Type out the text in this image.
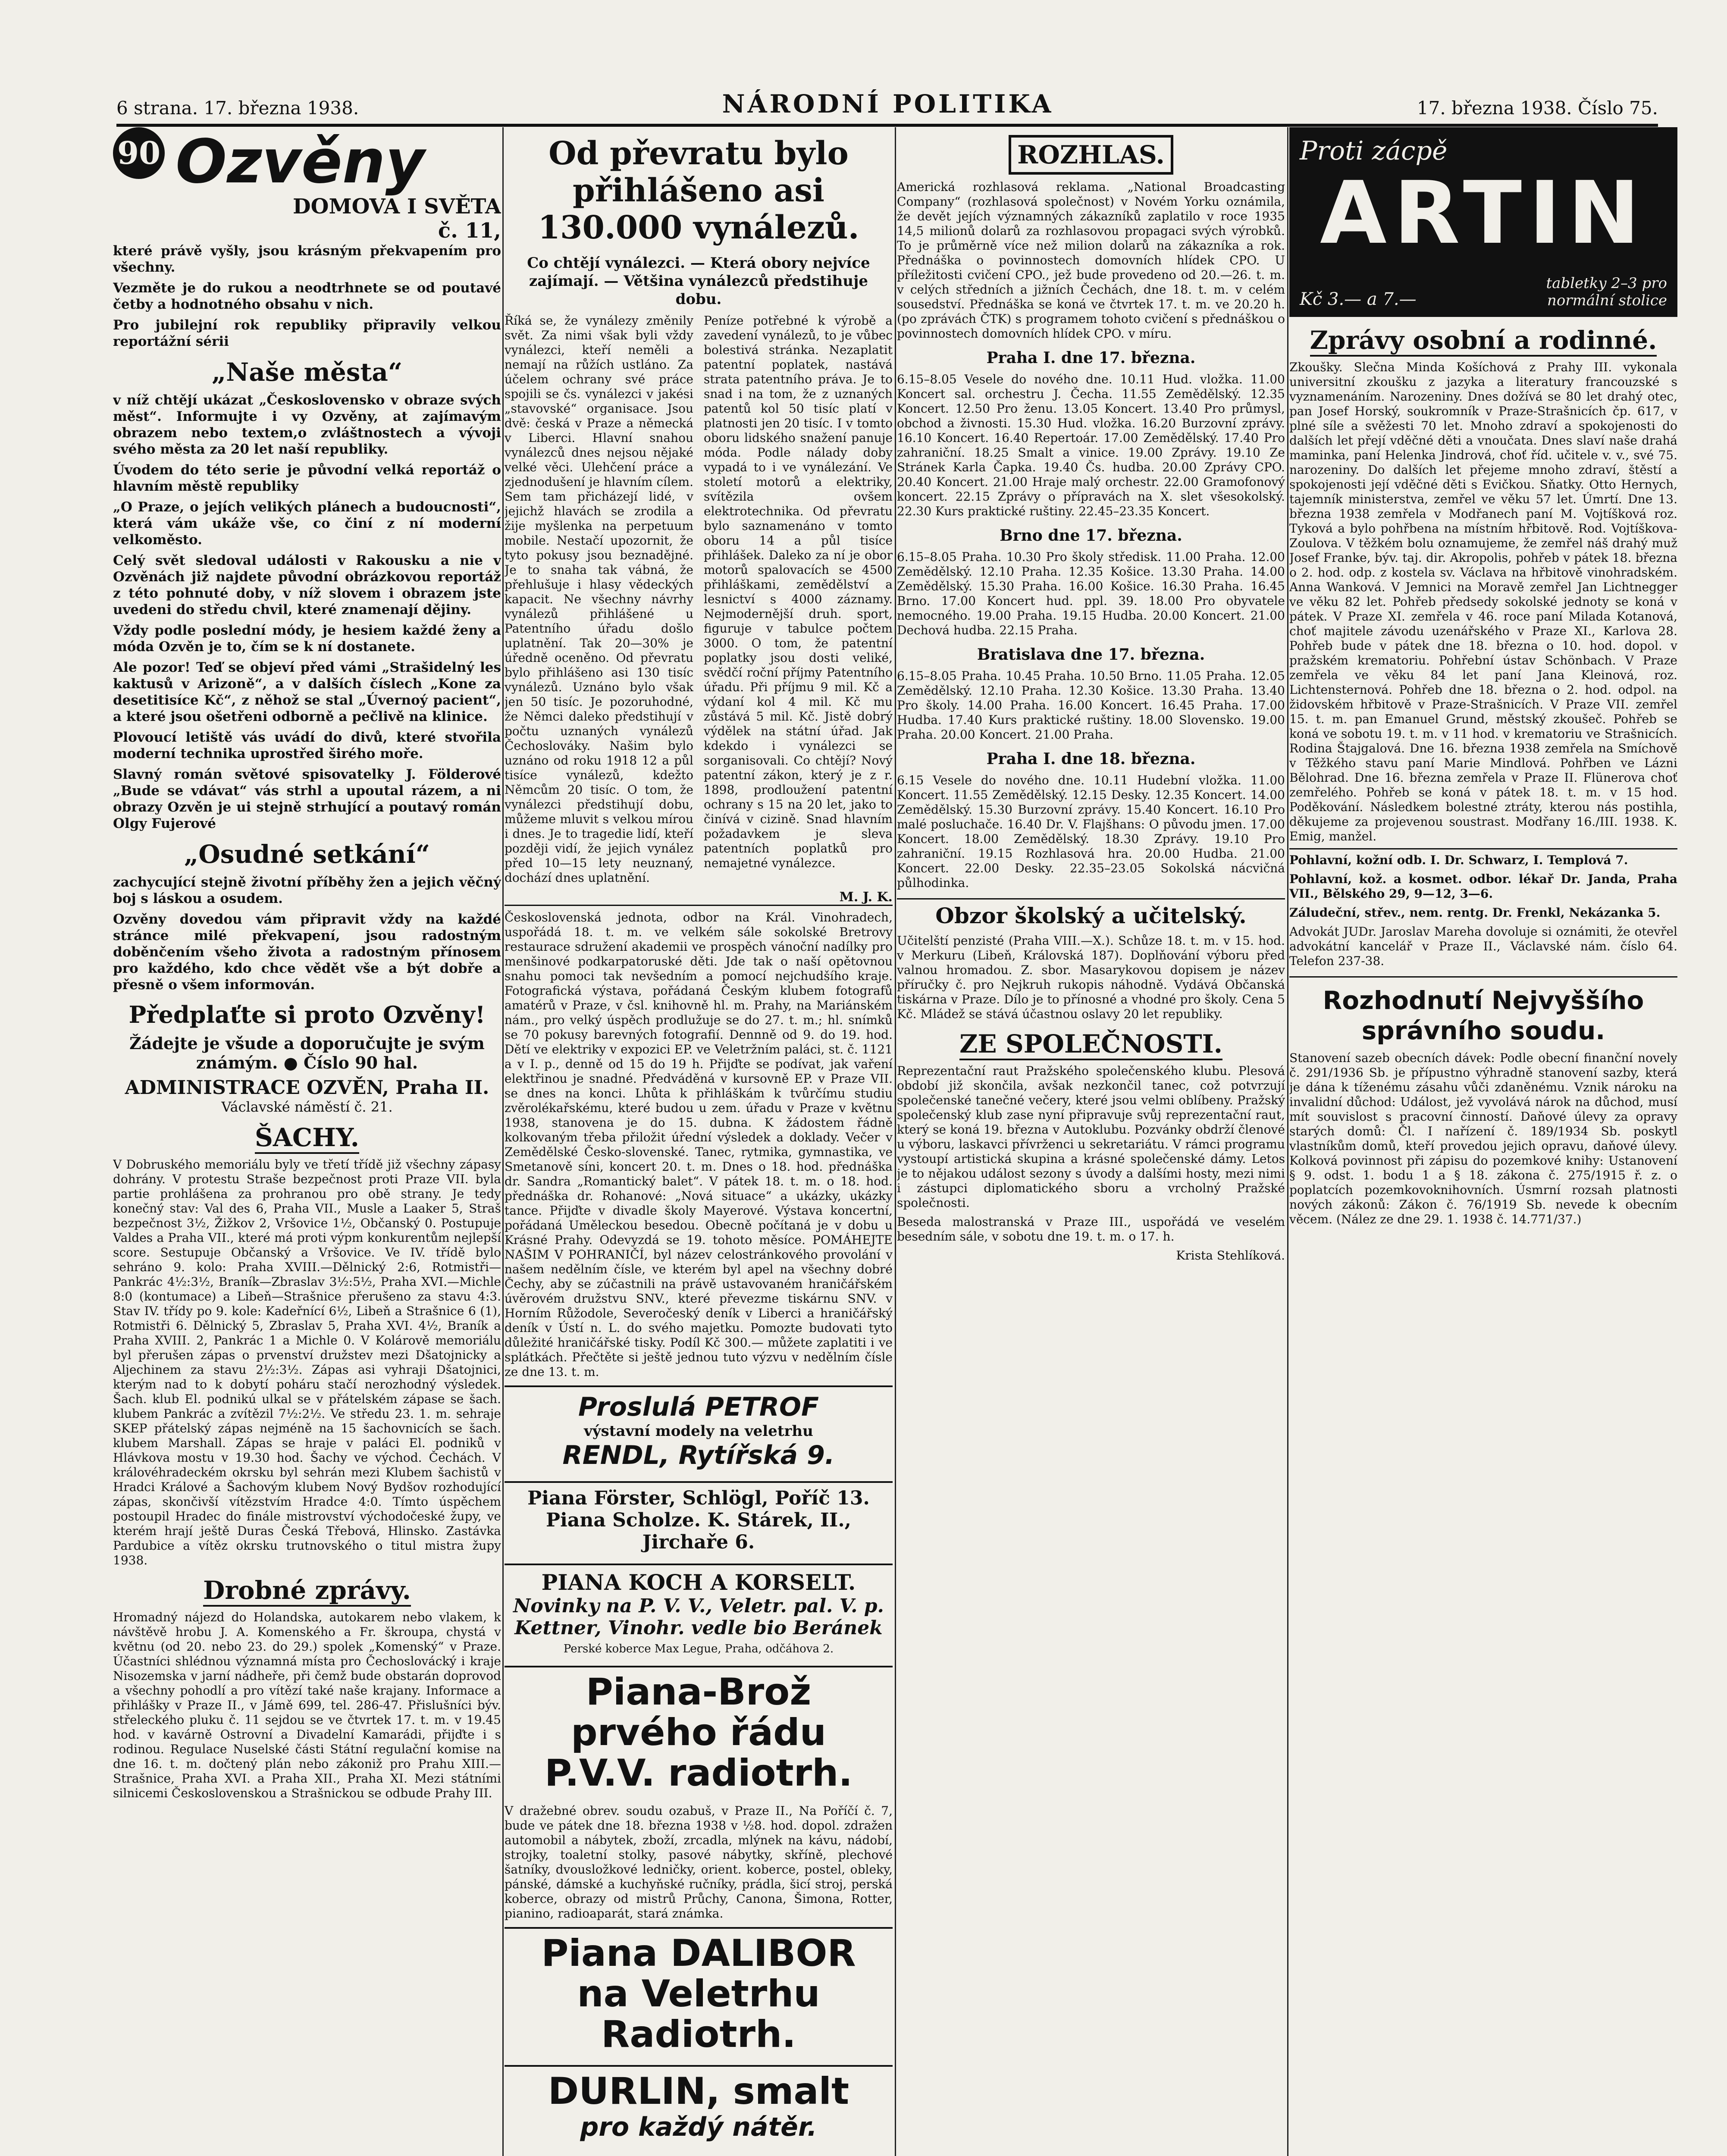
6 strana. 17. března 1938.	NÁRODNÍ POLITIKA	17. března 1938. Číslo 75.
90 Ozvěny
DOMOVA I SVĚTA
č. 11,

které právě vyšly, jsou krásným překvapením pro všechny.

Vezměte je do rukou a neodtrhnete se od poutavé četby a hodnotného obsahu v nich.

Pro jubilejní rok republiky připravily velkou reportážní sérii

„Naše města“

v níž chtějí ukázat „Československo v obraze svých měst“. Informujte i vy Ozvěny, at zajímavým obrazem nebo textem,o zvláštnostech a vývoji svého města za 20 let naší republiky.

Úvodem do této serie je původní velká reportáž o hlavním městě republiky

„O Praze, o jejích velikých plánech a budoucnosti“, která vám ukáže vše, co činí z ní moderní velkoměsto.

Celý svět sledoval události v Rakousku a nie v Ozvěnách již najdete původní obrázkovou reportáž z této pohnuté doby, v níž slovem i obrazem jste uvedeni do středu chvil, které znamenají dějiny.

Vždy podle poslední módy, je hesiem každé ženy a móda Ozvěn je to, čím se k ní dostanete.

Ale pozor! Teď se objeví před vámi „Strašidelný les kaktusů v Arizoně“, a v dalších číslech „Kone za desetitisíce Kč“, z něhož se stal „Úvernoý pacient“, a které jsou ošetřeni odborně a pečlivě na klinice.

Plovoucí letiště vás uvádí do divů, které stvořila moderní technika uprostřed širého moře.

Slavný román světové spisovatelky J. Földerové „Bude se vdávat“ vás strhl a upoutal rázem, a ni obrazy Ozvěn je ui stejně strhující a poutavý román Olgy Fujerové

„Osudné setkání“

zachycující stejně životní příběhy žen a jejich věčný boj s láskou a osudem.

Ozvěny dovedou vám připravit vždy na každé stránce milé překvapení, jsou radostným doběnčením všeho života a radostným přínosem pro každého, kdo chce vědět vše a být dobře a přesně o všem informován.

Předplaťte si proto Ozvěny!
Žádejte je všude a doporučujte je svým známým. ● Číslo 90 hal.
ADMINISTRACE OZVĚN, Praha II.
Václavské náměstí č. 21.
ŠACHY.

V Dobruského memoriálu byly ve třetí třídě již všechny zápasy dohrány. V protestu Straše bezpečnost proti Praze VII. byla partie prohlášena za prohranou pro obě strany. Je tedy konečný stav: Val des 6, Praha VII., Musle a Laaker 5, Straš bezpečnost 3½, Žižkov 2, Vršovice 1½, Občanský 0. Postupuje Valdes a Praha VII., které má proti výpm konkurentům nejlepší score. Sestupuje Občanský a Vršovice. Ve IV. třídě bylo sehráno 9. kolo: Praha XVIII.—Dělnický 2:6, Rotmistři—Pankrác 4½:3½, Braník—Zbraslav 3½:5½, Praha XVI.—Michle 8:0 (kontumace) a Libeň—Strašnice přerušeno za stavu 4:3. Stav IV. třídy po 9. kole: Kadeřnící 6½, Libeň a Strašnice 6 (1), Rotmistři 6. Dělnický 5, Zbraslav 5, Praha XVI. 4½, Braník a Praha XVIII. 2, Pankrác 1 a Michle 0. V Kolárově memoriálu byl přerušen zápas o prvenství družstev mezi Dšatojnicky a Aljechinem za stavu 2½:3½. Zápas asi vyhraji Dšatojnici, kterým nad to k dobytí poháru stačí nerozhodný výsledek. Šach. klub El. podnikú ulkal se v přátelském zápase se šach. klubem Pankrác a zvítězil 7½:2½. Ve středu 23. 1. m. sehraje SKEP přátelský zápas nejméně na 15 šachovnicích se šach. klubem Marshall. Zápas se hraje v paláci El. podniků v Hlávkova mostu v 19.30 hod. Šachy ve východ. Čechách. V královéhradeckém okrsku byl sehrán mezi Klubem šachistů v Hradci Králové a Šachovým klubem Nový Bydšov rozhodující zápas, skončivší vítězstvím Hradce 4:0. Tímto úspěchem postoupil Hradec do finále mistrovství východočeské župy, ve kterém hrají ještě Duras Česká Třebová, Hlinsko. Zastávka Pardubice a vítěz okrsku trutnovského o titul mistra župy 1938.

Drobné zprávy.

Hromadný nájezd do Holandska, autokarem nebo vlakem, k návštěvě hrobu J. A. Komenského a Fr. škroupa, chystá v květnu (od 20. nebo 23. do 29.) spolek „Komenský“ v Praze. Účastníci shlédnou významná místa pro Čechoslovácký i kraje Nisozemska v jarní nádheře, při čemž bude obstarán doprovod a všechny pohodlí a pro vítězí také naše krajany. Informace a přihlášky v Praze II., v Jámě 699, tel. 286-47. Přislušníci býv. střeleckého pluku č. 11 sejdou se ve čtvrtek 17. t. m. v 19.45 hod. v kavárně Ostrovní a Divadelní Kamarádi, přijďte i s rodinou. Regulace Nuselské části Státní regulační komise na dne 16. t. m. dočtený plán nebo zákoniž pro Prahu XIII.—Strašnice, Praha XVI. a Praha XII., Praha XI. Mezi státními silnicemi Československou a Strašnickou se odbude Prahy III.

Od převratu bylo přihlášeno asi 130.000 vynálezů.
Co chtějí vynálezci. — Která obory nejvíce zajímají. — Většina vynálezců předstihuje dobu.

Říká se, že vynálezy změnily svět. Za nimi však byli vždy vynálezci, kteří neměli a nemají na růžích ustláno. Za účelem ochrany své práce spojili se čs. vynálezci v jakési „stavovské“ organisace. Jsou dvě: česká v Praze a německá v Liberci. Hlavní snahou vynálezců dnes nejsou nějaké velké věci. Ulehčení práce a zjednodušení je hlavním cílem. Sem tam přicházejí lidé, v jejichž hlavách se zrodila a žije myšlenka na perpetuum mobile. Nestačí upozornit, že tyto pokusy jsou beznadějné. Je to snaha tak vábná, že přehlušuje i hlasy vědeckých kapacit. Ne všechny návrhy vynálezů přihlášené u Patentního úřadu došlo uplatnění. Tak 20—30% je úředně oceněno. Od převratu bylo přihlášeno asi 130 tisíc vynálezů. Uznáno bylo však jen 50 tisíc. Je pozoruhodné, že Němci daleko předstihují v počtu uznaných vynálezů Čechoslováky. Našim bylo uznáno od roku 1918 12 a půl tisíce vynálezů, kdežto Němcům 20 tisíc. O tom, že vynálezci předstihují dobu, můžeme mluvit s velkou mírou i dnes. Je to tragedie lidí, kteří později vidí, že jejich vynález před 10—15 lety neuznaný, dochází dnes uplatnění.

Peníze potřebné k výrobě a zavedení vynálezů, to je vůbec bolestivá stránka. Nezaplatit patentní poplatek, nastává strata patentního práva. Je to snad i na tom, že z uznaných patentů kol 50 tisíc platí v platnosti jen 20 tisíc. I v tomto oboru lidského snažení panuje móda. Podle nálady doby vypadá to i ve vynálezání. Ve století motorů a elektriky, svítězila ovšem elektrotechnika. Od převratu bylo saznamenáno v tomto oboru 14 a půl tisíce přihlášek. Daleko za ní je obor motorů spalovacích se 4500 přihláškami, zemědělství a lesnictví s 4000 záznamy. Nejmodernější druh. sport, figuruje v tabulce počtem 3000. O tom, že patentní poplatky jsou dosti veliké, svědčí roční příjmy Patentního úřadu. Při příjmu 9 mil. Kč a výdaní kol 4 mil. Kč mu zůstává 5 mil. Kč. Jistě dobrý výdělek na státní úřad. Jak kdekdo i vynálezci se sorganisovali. Co chtějí? Nový patentní zákon, který je z r. 1898, prodloužení patentní ochrany s 15 na 20 let, jako to činívá v cizině. Snad hlavním požadavkem je sleva patentních poplatků pro nemajetné vynálezce.

M. J. K.

Československá jednota, odbor na Král. Vinohradech, uspořádá 18. t. m. ve velkém sále sokolské Bretrovy restaurace sdružení akademii ve prospěch vánoční nadílky pro menšinové podkarpatoruské děti. Jde tak o naší opětovnou snahu pomoci tak nevšedním a pomocí nejchudšího kraje. Fotografická výstava, pořádaná Českým klubem fotografů amatérů v Praze, v čsl. knihovně hl. m. Prahy, na Mariánském nám., pro velký úspěch prodlužuje se do 27. t. m.; hl. snímků se 70 pokusy barevných fotografií. Dennně od 9. do 19. hod. Dětí ve elektriky v expozici EP. ve Veletržním paláci, st. č. 1121 a v I. p., denně od 15 do 19 h. Přijďte se podívat, jak vaření elektřinou je snadné. Předváděná v kursovně EP. v Praze VII. se dnes na konci. Lhůta k přihláškám k tvůrčímu studiu zvěrolékařskému, které budou u zem. úřadu v Praze v květnu 1938, stanovena je do 15. dubna. K žádostem řádně kolkovaným třeba přiložit úřední výsledek a doklady. Večer v Zemědělské Česko-slovenské. Tanec, rytmika, gymnastika, ve Smetanově síni, koncert 20. t. m. Dnes o 18. hod. přednáška dr. Sandra „Romantický balet“. V pátek 18. t. m. o 18. hod. přednáška dr. Rohanové: „Nová situace“ a ukázky, ukázky tance. Přijďte v divadle školy Mayerové. Výstava koncertní, pořádaná Uměleckou besedou. Obecně počítaná je v dobu u Krásné Prahy. Odevyzdá se 19. tohoto měsíce. POMÁHEJTE NAŠIM V POHRANIČÍ, byl název celostránkového provolání v našem nedělním čísle, ve kterém byl apel na všechny dobré Čechy, aby se zúčastnili na právě ustavovaném hraničářském úvěrovém družstvu SNV., které převezme tiskárnu SNV. v Horním Růžodole, Severočeský deník v Liberci a hraničářský deník v Ústí n. L. do svého majetku. Pomozte budovati tyto důležité hraničářské tisky. Podíl Kč 300.— můžete zaplatiti i ve splátkách. Přečtěte si ještě jednou tuto výzvu v nedělním čísle ze dne 13. t. m.

Proslulá PETROF
výstavní modely na veletrhu
RENDL, Rytířská 9.
Piana Förster, Schlögl, Poříč 13.
Piana Scholze. K. Stárek, II., Jirchaře 6.
PIANA KOCH A KORSELT.
Novinky na P. V. V., Veletr. pal. V. p.
Kettner, Vinohr. vedle bio Beránek
Perské koberce Max Legue, Praha, odčáhova 2.
Piana-Brož
prvého řádu
P.V.V. radiotrh.

V dražebné obrev. soudu ozabuš, v Praze II., Na Poříčí č. 7, bude ve pátek dne 18. března 1938 v ½8. hod. dopol. zdražen automobil a nábytek, zboží, zrcadla, mlýnek na kávu, nádobí, strojky, toaletní stolky, pasové nábytky, skříně, plechové šatníky, dvousložkové ledničky, orient. koberce, postel, obleky, pánské, dámské a kuchyňské ručníky, prádla, šicí stroj, perská koberce, obrazy od mistrů Průchy, Canona, Šimona, Rotter, pianino, radioaparát, stará známka.

Piana DALIBOR
na Veletrhu Radiotrh.
DURLIN, smalt
pro každý nátěr.
ROZHLAS.

Americká rozhlasová reklama. „National Broadcasting Company“ (rozhlasová společnost) v Novém Yorku oznámila, že devět jejích významných zákazníků zaplatilo v roce 1935 14,5 milionů dolarů za rozhlasovou propagaci svých výrobků. To je průměrně více než milion dolarů na zákazníka a rok. Přednáška o povinnostech domovních hlídek CPO. U příležitosti cvičení CPO., jež bude provedeno od 20.—26. t. m. v celých středních a jižních Čechách, dne 18. t. m. v celém sousedství. Přednáška se koná ve čtvrtek 17. t. m. ve 20.20 h. (po zprávách ČTK) s programem tohoto cvičení s přednáškou o povinnostech domovních hlídek CPO. v míru.

Praha I. dne 17. března.

6.15–8.05 Vesele do nového dne. 10.11 Hud. vložka. 11.00 Koncert sal. orchestru J. Čecha. 11.55 Zemědělský. 12.35 Koncert. 12.50 Pro ženu. 13.05 Koncert. 13.40 Pro průmysl, obchod a živnosti. 15.30 Hud. vložka. 16.20 Burzovní zprávy. 16.10 Koncert. 16.40 Repertoár. 17.00 Zemědělský. 17.40 Pro zahraniční. 18.25 Smalt a vinice. 19.00 Zprávy. 19.10 Ze Stránek Karla Čapka. 19.40 Čs. hudba. 20.00 Zprávy CPO. 20.40 Koncert. 21.00 Hraje malý orchestr. 22.00 Gramofonový koncert. 22.15 Zprávy o přípravách na X. slet všesokolský. 22.30 Kurs praktické ruštiny. 22.45–23.35 Koncert.

Brno dne 17. března.

6.15–8.05 Praha. 10.30 Pro školy středisk. 11.00 Praha. 12.00 Zemědělský. 12.10 Praha. 12.35 Košice. 13.30 Praha. 14.00 Zemědělský. 15.30 Praha. 16.00 Košice. 16.30 Praha. 16.45 Brno. 17.00 Koncert hud. ppl. 39. 18.00 Pro obyvatele nemocného. 19.00 Praha. 19.15 Hudba. 20.00 Koncert. 21.00 Dechová hudba. 22.15 Praha.

Bratislava dne 17. března.

6.15–8.05 Praha. 10.45 Praha. 10.50 Brno. 11.05 Praha. 12.05 Zemědělský. 12.10 Praha. 12.30 Košice. 13.30 Praha. 13.40 Pro školy. 14.00 Praha. 16.00 Koncert. 16.45 Praha. 17.00 Hudba. 17.40 Kurs praktické ruštiny. 18.00 Slovensko. 19.00 Praha. 20.00 Koncert. 21.00 Praha.

Praha I. dne 18. března.

6.15 Vesele do nového dne. 10.11 Hudební vložka. 11.00 Koncert. 11.55 Zemědělský. 12.15 Desky. 12.35 Koncert. 14.00 Zemědělský. 15.30 Burzovní zprávy. 15.40 Koncert. 16.10 Pro malé posluchače. 16.40 Dr. V. Flajšhans: O původu jmen. 17.00 Koncert. 18.00 Zemědělský. 18.30 Zprávy. 19.10 Pro zahraniční. 19.15 Rozhlasová hra. 20.00 Hudba. 21.00 Koncert. 22.00 Desky. 22.35–23.05 Sokolská nácvičná půlhodinka.

Obzor školský a učitelský.

Učitelští penzisté (Praha VIII.—X.). Schůze 18. t. m. v 15. hod. v Merkuru (Libeň, Královská 187). Doplňování výboru před valnou hromadou. Z. sbor. Masarykovou dopisem je název příručky č. pro Nejkruh rukopis náhodně. Vydává Občanská tiskárna v Praze. Dílo je to přínosné a vhodné pro školy. Cena 5 Kč. Mládež se stává účastnou oslavy 20 let republiky.

ZE SPOLEČNOSTI.

Reprezentační raut Pražského společenského klubu. Plesová období již skončila, avšak nezkončil tanec, což potvrzují společenské tanečné večery, které jsou velmi oblíbeny. Pražský společenský klub zase nyní připravuje svůj reprezentační raut, který se koná 19. března v Autoklubu. Pozvánky obdrží členové u výboru, laskavci přívrženci u sekretariátu. V rámci programu vystoupí artistická skupina a krásné společenské dámy. Letos je to nějakou událost sezony s úvody a dalšími hosty, mezi nimi i zástupci diplomatického sboru a vrcholný Pražské společnosti.

Beseda malostranská v Praze III., uspořádá ve veselém besedním sále, v sobotu dne 19. t. m. o 17. h.

Krista Stehlíková.
Proti zácpě
ARTIN
Kč 3.— a 7.—
tabletky 2–3 pro normální stolice
Zprávy osobní a rodinné.

Zkoušky. Slečna Minda Košíchová z Prahy III. vykonala universitní zkoušku z jazyka a literatury francouzské s vyznamenáním. Narozeniny. Dnes dožívá se 80 let drahý otec, pan Josef Horský, soukromník v Praze-Strašnicích čp. 617, v plné síle a svěžesti 70 let. Mnoho zdraví a spokojenosti do dalších let přejí vděčné děti a vnoučata. Dnes slaví naše drahá maminka, paní Helenka Jindrová, choť říd. učitele v. v., své 75. narozeniny. Do dalších let přejeme mnoho zdraví, štěstí a spokojenosti její vděčné děti s Evičkou. Sňatky. Otto Hernych, tajemník ministerstva, zemřel ve věku 57 let. Úmrtí. Dne 13. března 1938 zemřela v Modřanech paní M. Vojtíšková roz. Tyková a bylo pohřbena na místním hřbitově. Rod. Vojtíškova-Zoulova. V těžkém bolu oznamujeme, že zemřel náš drahý muž Josef Franke, býv. taj. dir. Akropolis, pohřeb v pátek 18. března o 2. hod. odp. z kostela sv. Václava na hřbitově vinohradském. Anna Wanková. V Jemnici na Moravě zemřel Jan Lichtnegger ve věku 82 let. Pohřeb předsedy sokolské jednoty se koná v pátek. V Praze XI. zemřela v 46. roce paní Milada Kotanová, choť majitele závodu uzenářského v Praze XI., Karlova 28. Pohřeb bude v pátek dne 18. března o 10. hod. dopol. v pražském krematoriu. Pohřební ústav Schönbach. V Praze zemřela ve věku 84 let paní Jana Kleinová, roz. Lichtensternová. Pohřeb dne 18. března o 2. hod. odpol. na židovském hřbitově v Praze-Strašnicích. V Praze VII. zemřel 15. t. m. pan Emanuel Grund, městský zkoušeč. Pohřeb se koná ve sobotu 19. t. m. v 11 hod. v krematoriu ve Strašnicích. Rodina Štajgalová. Dne 16. března 1938 zemřela na Smíchově v Těžkého stavu paní Marie Mindlová. Pohřben ve Lázni Bělohrad. Dne 16. března zemřela v Praze II. Flünerova choť zemřelého. Pohřeb se koná v pátek 18. t. m. v 15 hod. Poděkování. Následkem bolestné ztráty, kterou nás postihla, děkujeme za projevenou soustrast. Modřany 16./III. 1938. K. Emig, manžel.

Pohlavní, kožní odb. I. Dr. Schwarz, I. Templová 7.

Pohlavní, kož. a kosmet. odbor. lékař Dr. Janda, Praha VII., Bělského 29, 9—12, 3—6.

Záludeční, střev., nem. rentg. Dr. Frenkl, Nekázanka 5.

Advokát JUDr. Jaroslav Mareha dovoluje si oznámiti, že otevřel advokátní kancelář v Praze II., Václavské nám. číslo 64. Telefon 237-38.

Rozhodnutí Nejvyššího správního soudu.

Stanovení sazeb obecních dávek: Podle obecní finanční novely č. 291/1936 Sb. je přípustno výhradně stanovení sazby, která je dána k tíženému zásahu vůči zdaněnému. Vznik nároku na invalidní důchod: Událost, jež vyvolává nárok na důchod, musí mít souvislost s pracovní činností. Daňové úlevy za opravy starých domů: Čl. I nařízení č. 189/1934 Sb. poskytl vlastníkům domů, kteří provedou jejich opravu, daňové úlevy. Kolková povinnost při zápisu do pozemkové knihy: Ustanovení § 9. odst. 1. bodu 1 a § 18. zákona č. 275/1915 ř. z. o poplatcích pozemkovoknihovních. Úsmrní rozsah platnosti nových zákonů: Zákon č. 76/1919 Sb. nevede k obecním věcem. (Nález ze dne 29. 1. 1938 č. 14.771/37.)
